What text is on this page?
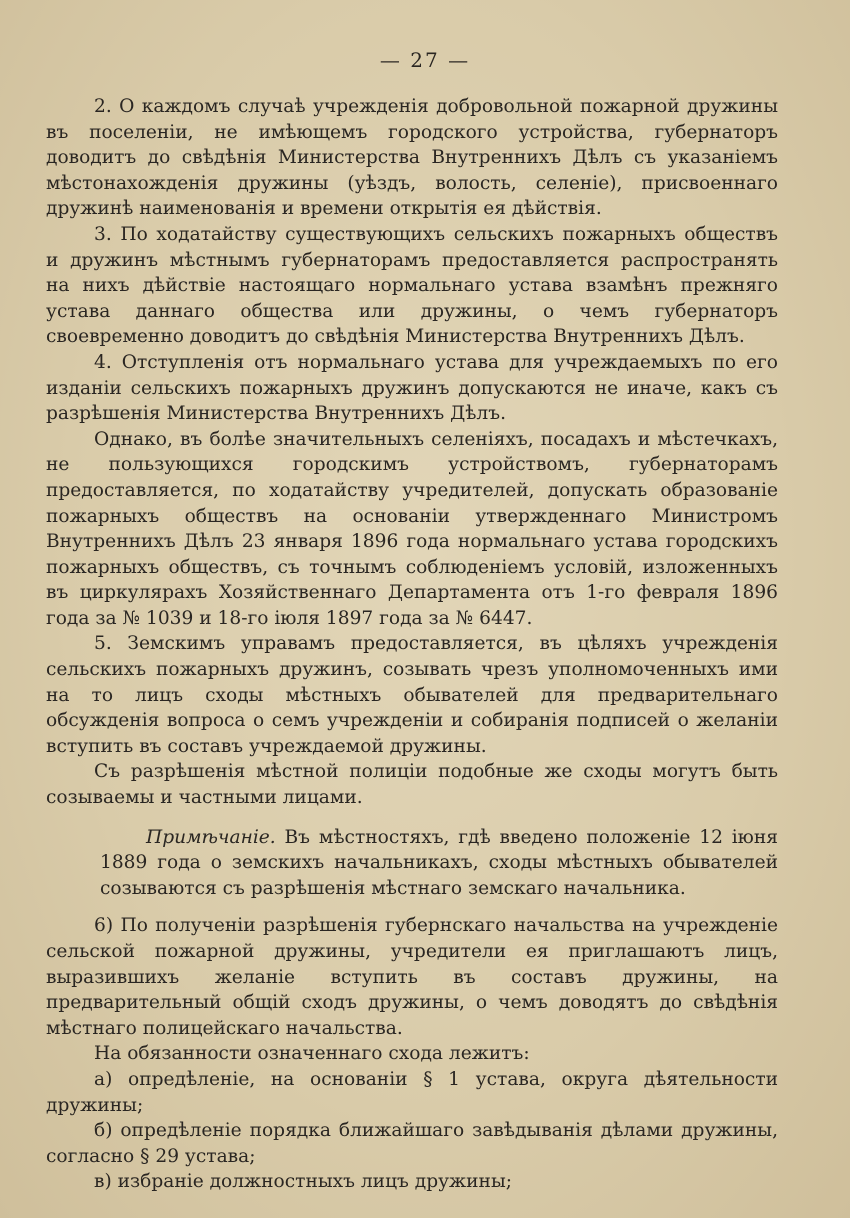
— 27 —

2. О каждомъ случаѣ учрежденія добровольной пожарной дружины въ поселеніи, не имѣющемъ городского устройства, губернаторъ доводитъ до свѣдѣнія Министерства Внутреннихъ Дѣлъ съ указаніемъ мѣстонахожденія дружины (уѣздъ, волость, селеніе), присвоеннаго дружинѣ наименованія и времени открытія ея дѣйствія.

3. По ходатайству существующихъ сельскихъ пожарныхъ обществъ и дружинъ мѣстнымъ губернаторамъ предоставляется распространять на нихъ дѣйствіе настоящаго нормальнаго устава взамѣнъ прежняго устава даннаго общества или дружины, о чемъ губернаторъ своевременно доводитъ до свѣдѣнія Министерства Внутреннихъ Дѣлъ.

4. Отступленія отъ нормальнаго устава для учреждаемыхъ по его изданіи сельскихъ пожарныхъ дружинъ допускаются не иначе, какъ съ разрѣшенія Министерства Внутреннихъ Дѣлъ.

Однако, въ болѣе значительныхъ селеніяхъ, посадахъ и мѣстечкахъ, не пользующихся городскимъ устройствомъ, губернаторамъ предоставляется, по ходатайству учредителей, допускать образованіе пожарныхъ обществъ на основаніи утвержденнаго Министромъ Внутреннихъ Дѣлъ 23 января 1896 года нормальнаго устава городскихъ пожарныхъ обществъ, съ точнымъ соблюденіемъ условій, изложенныхъ въ циркулярахъ Хозяйственнаго Департамента отъ 1-го февраля 1896 года за № 1039 и 18-го іюля 1897 года за № 6447.

5. Земскимъ управамъ предоставляется, въ цѣляхъ учрежденія сельскихъ пожарныхъ дружинъ, созывать чрезъ уполномоченныхъ ими на то лицъ сходы мѣстныхъ обывателей для предварительнаго обсужденія вопроса о семъ учрежденіи и собиранія подписей о желаніи вступить въ составъ учреждаемой дружины.

Съ разрѣшенія мѣстной полиціи подобные же сходы могутъ быть созываемы и частными лицами.

Примѣчаніе. Въ мѣстностяхъ, гдѣ введено положеніе 12 іюня 1889 года о земскихъ начальникахъ, сходы мѣстныхъ обывателей созываются съ разрѣшенія мѣстнаго земскаго начальника.

6) По полученіи разрѣшенія губернскаго начальства на учрежденіе сельской пожарной дружины, учредители ея приглашаютъ лицъ, выразившихъ желаніе вступить въ составъ дружины, на предварительный общій сходъ дружины, о чемъ доводятъ до свѣдѣнія мѣстнаго полицейскаго начальства.

На обязанности означеннаго схода лежитъ:

а) опредѣленіе, на основаніи § 1 устава, округа дѣятельности дружины;

б) опредѣленіе порядка ближайшаго завѣдыванія дѣлами дружины, согласно § 29 устава;

в) избраніе должностныхъ лицъ дружины;
